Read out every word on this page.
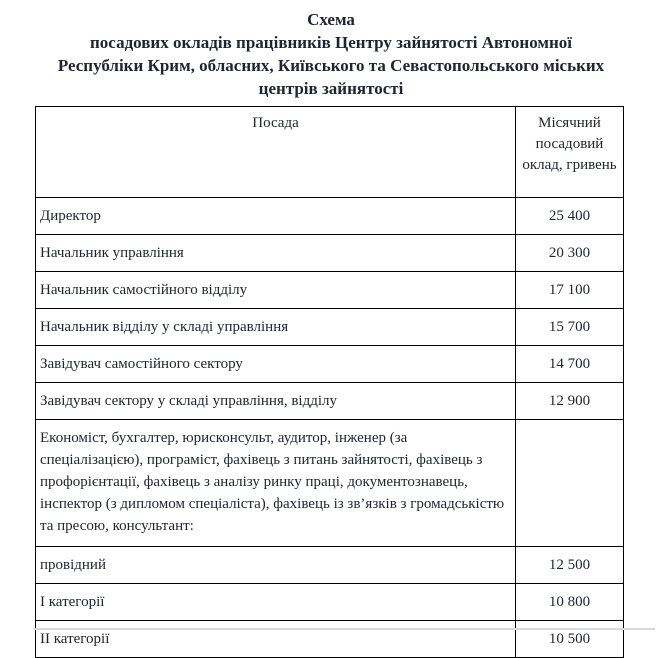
Схема
посадових окладів працівників Центру зайнятості Автономної
Республіки Крим, обласних, Київського та Севастопольського міських
центрів зайнятості
Посада	Місячний посадовий оклад, гривень
Директор	25 400
Начальник управління	20 300
Начальник самостійного відділу	17 100
Начальник відділу у складі управління	15 700
Завідувач самостійного сектору	14 700
Завідувач сектору у складі управління, відділу	12 900
Економіст, бухгалтер, юрисконсульт, аудитор, інженер (за спеціалізацією), програміст, фахівець з питань зайнятості, фахівець з профорієнтації, фахівець з аналізу ринку праці, документознавець, інспектор (з дипломом спеціаліста), фахівець із зв’язків з громадськістю та пресою, консультант:	
провідний	12 500
І категорії	10 800
ІІ категорії	10 500
